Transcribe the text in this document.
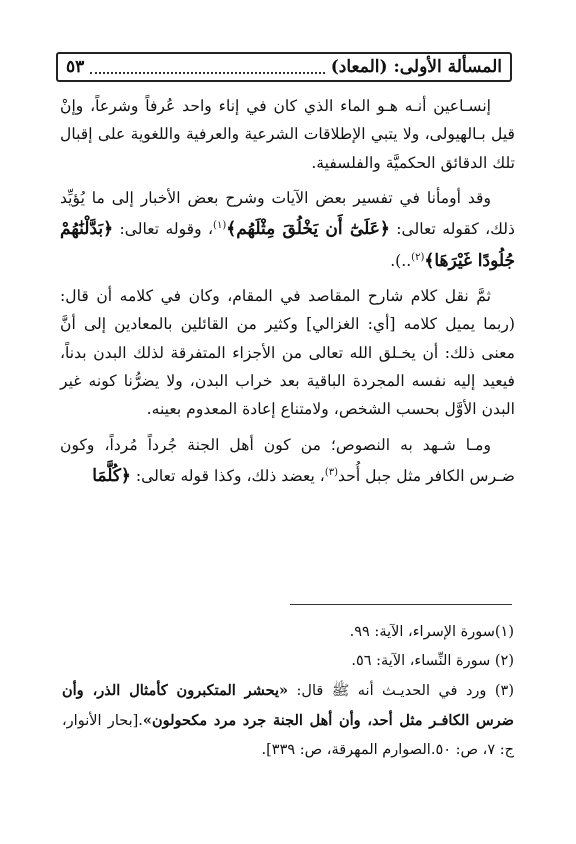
المسألة الأولى: (المعاد)
٥٣

إنسـاعين أنـه هـو الماء الذي كان في إناء واحد عُرفاً وشرعاً، وإنْ قيل بـالهيولى، ولا يتبي الإطلاقات الشرعية والعرفية واللغوية على إقبال تلك الدقائق الحكميَّة والفلسفية.

وقد أومأنا في تفسير بعض الآيات وشرح بعض الأخبار إلى ما يُؤيِّد ذلك، كقوله تعالى: ﴿عَلَىٰٓ أَن يَخْلُقَ مِثْلَهُم﴾$^{(١)}$، وقوله تعالى: ﴿بَدَّلْنَٰهُمْ جُلُودًا غَيْرَهَا﴾$^{(٢)}$..).

ثمَّ نقل كلام شارح المقاصد في المقام، وكان في كلامه أن قال: (ربما يميل كلامه [أي: الغزالي] وكثير من القائلين بالمعادين إلى أنَّ معنى ذلك: أن يخـلق الله تعالى من الأجزاء المتفرقة لذلك البدن بدناً، فيعيد إليه نفسه المجردة الباقية بعد خراب البدن، ولا يضرُّنا كونه غير البدن الأوَّل بحسب الشخص، ولامتناع إعادة المعدوم بعينه.

ومـا شـهد به النصوص؛ من كون أهل الجنة جُرداً مُرداً، وكون ضـرس الكافر مثل جبل أُحد$^{(٣)}$، يعضد ذلك، وكذا قوله تعالى: ﴿كُلَّمَا

(١)سورة الإسراء، الآية: ٩٩.

(٢) سورة النِّساء، الآية: ٥٦.

(٣) ورد في الحديـث أنه ﷺ قال: «يحشر المتكبرون كأمثال الذر، وأن ضرس الكافـر مثل أحد، وأن أهل الجنة جرد مرد مكحولون».[بحار الأنوار، ج: ٧، ص: ٥٠.الصوارم المهرقة، ص: ٣٣٩].
